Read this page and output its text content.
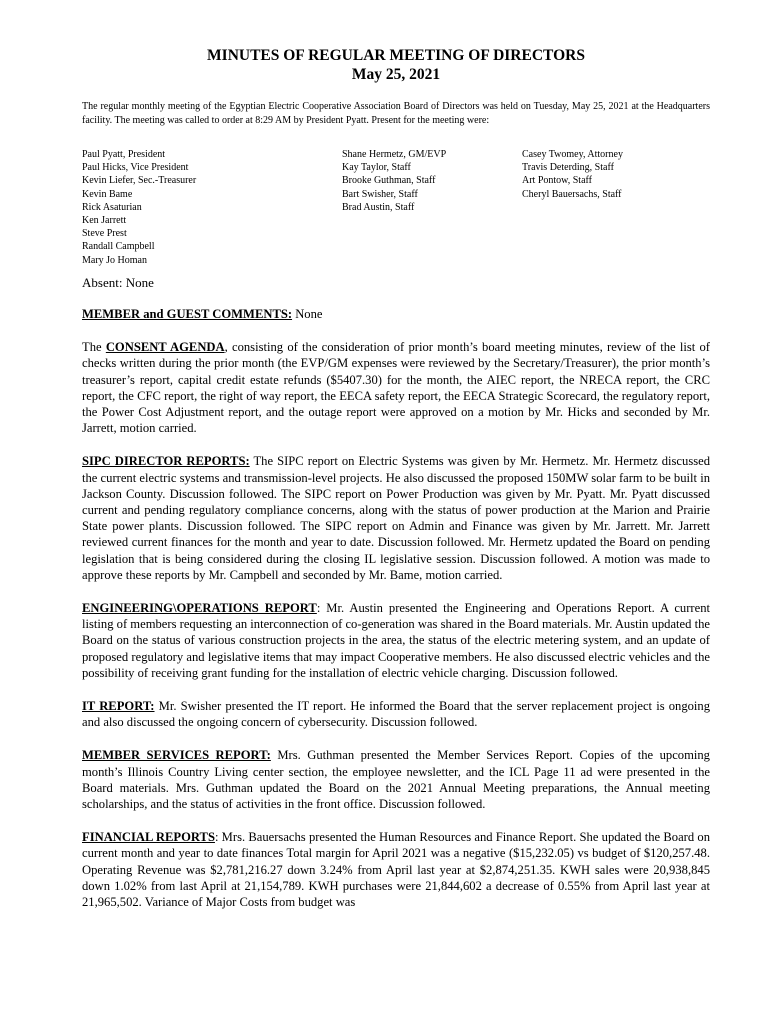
MINUTES OF REGULAR MEETING OF DIRECTORS
May 25, 2021
The regular monthly meeting of the Egyptian Electric Cooperative Association Board of Directors was held on Tuesday, May 25, 2021 at the Headquarters facility. The meeting was called to order at 8:29 AM by President Pyatt. Present for the meeting were:
Paul Pyatt, President
Paul Hicks, Vice President
Kevin Liefer, Sec.-Treasurer
Kevin Bame
Rick Asaturian
Ken Jarrett
Steve Prest
Randall Campbell
Mary Jo Homan
Shane Hermetz, GM/EVP
Kay Taylor, Staff
Brooke Guthman, Staff
Bart Swisher, Staff
Brad Austin, Staff
Casey Twomey, Attorney
Travis Deterding, Staff
Art Pontow, Staff
Cheryl Bauersachs, Staff
Absent: None
MEMBER and GUEST COMMENTS: None
The CONSENT AGENDA, consisting of the consideration of prior month’s board meeting minutes, review of the list of checks written during the prior month (the EVP/GM expenses were reviewed by the Secretary/Treasurer), the prior month’s treasurer’s report, capital credit estate refunds ($5407.30) for the month, the AIEC report, the NRECA report, the CRC report, the CFC report, the right of way report, the EECA safety report, the EECA Strategic Scorecard, the regulatory report, the Power Cost Adjustment report, and the outage report were approved on a motion by Mr. Hicks and seconded by Mr. Jarrett, motion carried.
SIPC DIRECTOR REPORTS: The SIPC report on Electric Systems was given by Mr. Hermetz. Mr. Hermetz discussed the current electric systems and transmission-level projects. He also discussed the proposed 150MW solar farm to be built in Jackson County. Discussion followed. The SIPC report on Power Production was given by Mr. Pyatt. Mr. Pyatt discussed current and pending regulatory compliance concerns, along with the status of power production at the Marion and Prairie State power plants. Discussion followed. The SIPC report on Admin and Finance was given by Mr. Jarrett. Mr. Jarrett reviewed current finances for the month and year to date. Discussion followed. Mr. Hermetz updated the Board on pending legislation that is being considered during the closing IL legislative session. Discussion followed. A motion was made to approve these reports by Mr. Campbell and seconded by Mr. Bame, motion carried.
ENGINEERING\OPERATIONS REPORT: Mr. Austin presented the Engineering and Operations Report. A current listing of members requesting an interconnection of co-generation was shared in the Board materials. Mr. Austin updated the Board on the status of various construction projects in the area, the status of the electric metering system, and an update of proposed regulatory and legislative items that may impact Cooperative members. He also discussed electric vehicles and the possibility of receiving grant funding for the installation of electric vehicle charging. Discussion followed.
IT REPORT: Mr. Swisher presented the IT report. He informed the Board that the server replacement project is ongoing and also discussed the ongoing concern of cybersecurity. Discussion followed.
MEMBER SERVICES REPORT: Mrs. Guthman presented the Member Services Report. Copies of the upcoming month’s Illinois Country Living center section, the employee newsletter, and the ICL Page 11 ad were presented in the Board materials. Mrs. Guthman updated the Board on the 2021 Annual Meeting preparations, the Annual meeting scholarships, and the status of activities in the front office. Discussion followed.
FINANCIAL REPORTS: Mrs. Bauersachs presented the Human Resources and Finance Report. She updated the Board on current month and year to date finances Total margin for April 2021 was a negative ($15,232.05) vs budget of $120,257.48. Operating Revenue was $2,781,216.27 down 3.24% from April last year at $2,874,251.35. KWH sales were 20,938,845 down 1.02% from last April at 21,154,789. KWH purchases were 21,844,602 a decrease of 0.55% from April last year at 21,965,502. Variance of Major Costs from budget was
